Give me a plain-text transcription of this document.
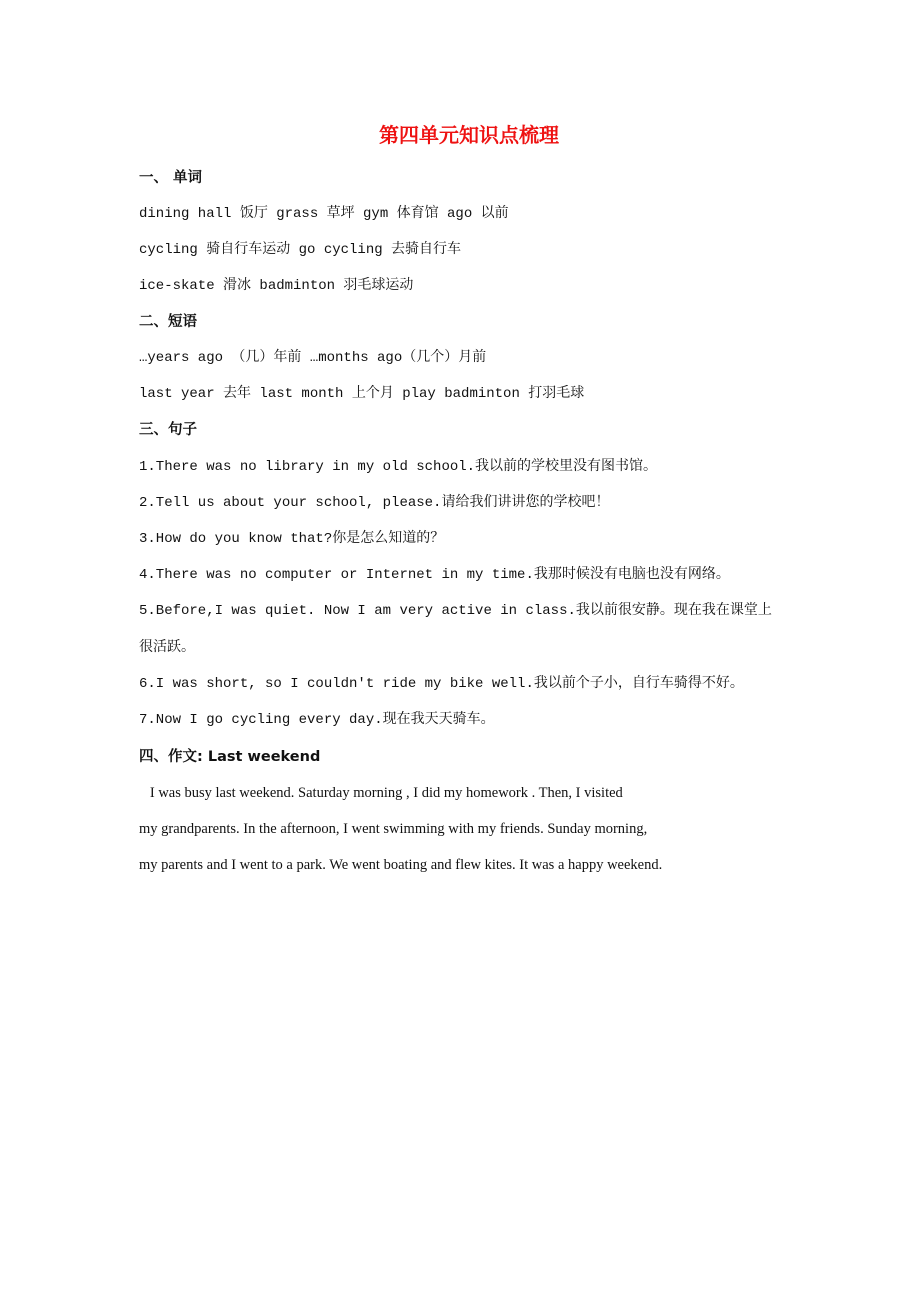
第四单元知识点梳理
一、 单词
dining hall 饭厅 grass 草坪 gym 体育馆 ago 以前
cycling 骑自行车运动 go cycling 去骑自行车
ice-skate 滑冰 badminton 羽毛球运动
二、短语
…years ago （几）年前 …months ago（几个）月前
last year 去年 last month 上个月 play badminton 打羽毛球
三、句子
1.There was no library in my old school.我以前的学校里没有图书馆。
2.Tell us about your school, please.请给我们讲讲您的学校吧！
3.How do you know that?你是怎么知道的？
4.There was no computer or Internet in my time.我那时候没有电脑也没有网络。
5.Before,I was quiet. Now I am very active in class.我以前很安静。现在我在课堂上
很活跃。
6.I was short, so I couldn't ride my bike well.我以前个子小，自行车骑得不好。
7.Now I go cycling every day.现在我天天骑车。
四、作文: Last weekend
I was busy last weekend. Saturday morning , I did my homework . Then, I visited
my grandparents. In the afternoon, I went swimming with my friends. Sunday morning,
my parents and I went to a park. We went boating and flew kites. It was a happy weekend.
